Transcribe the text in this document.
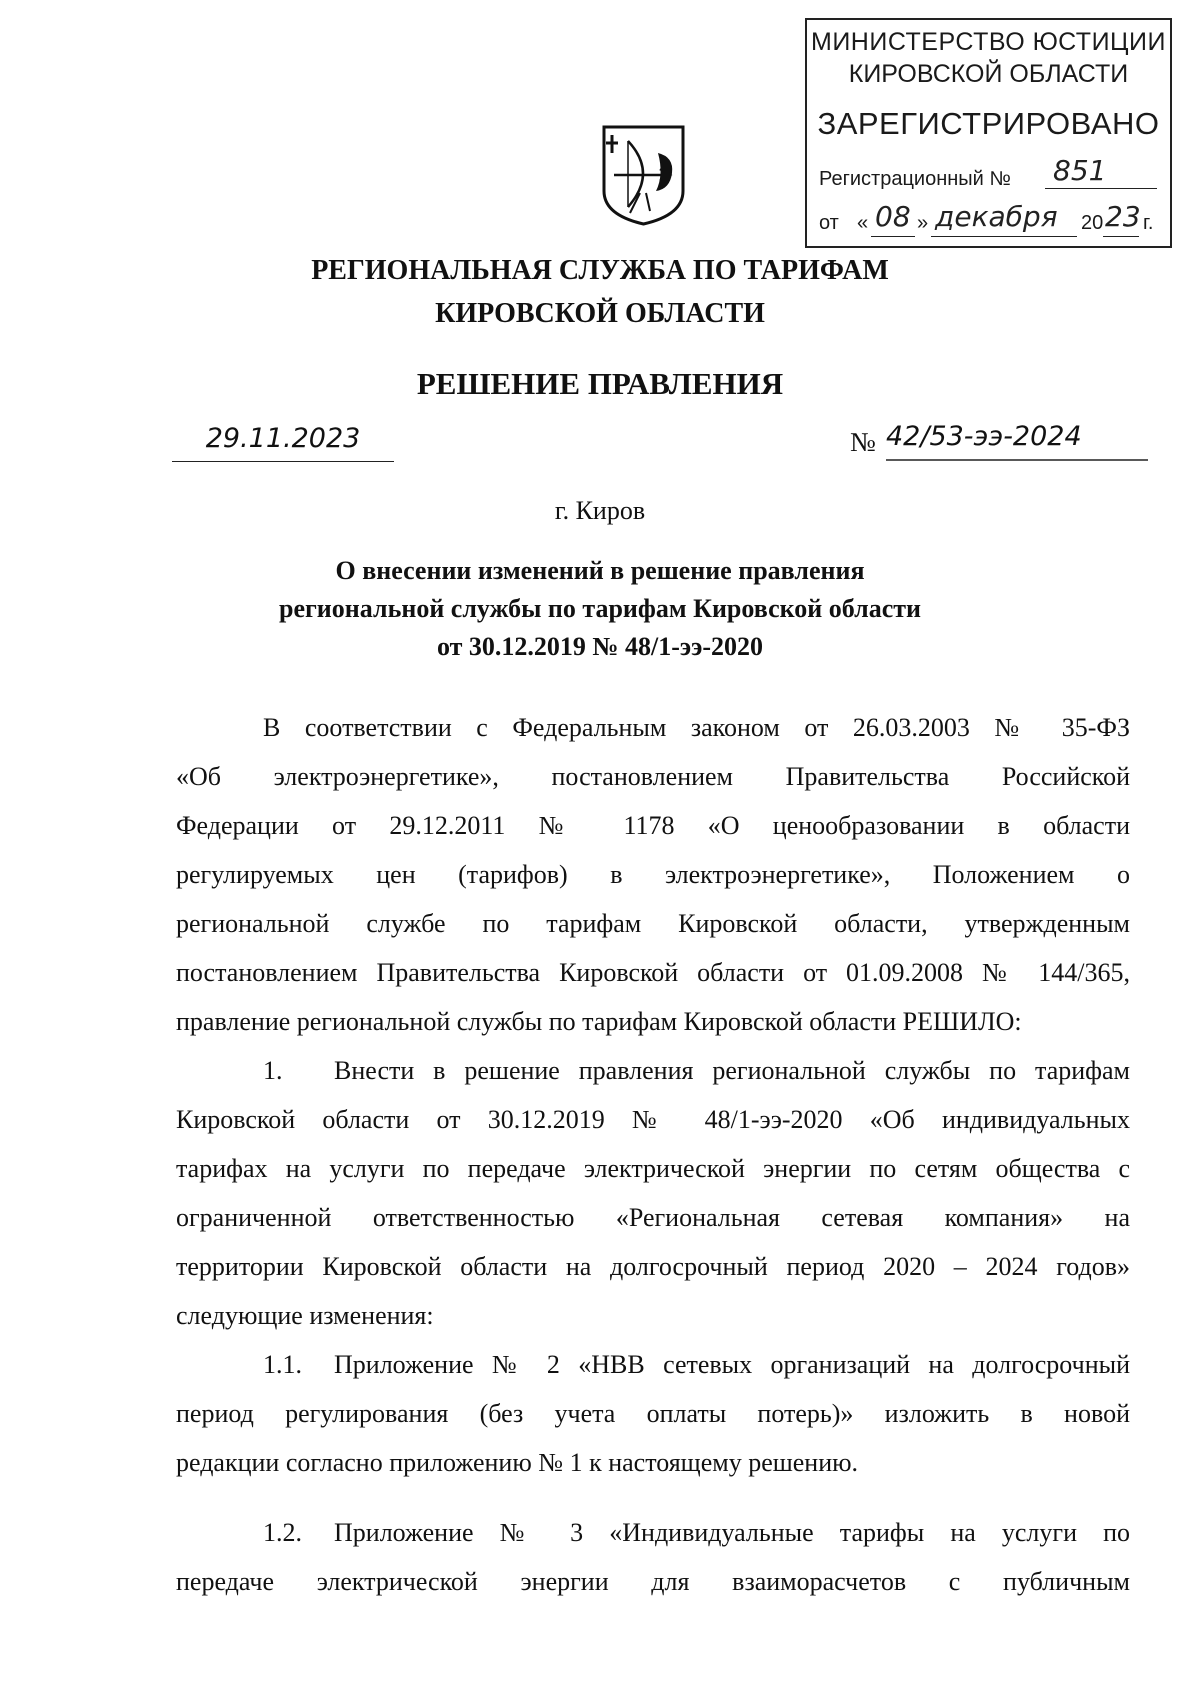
МИНИСТЕРСТВО ЮСТИЦИИ
КИРОВСКОЙ ОБЛАСТИ
ЗАРЕГИСТРИРОВАНО
Регистрационный № 851
от « 08 » декабря 20 23 г.
РЕГИОНАЛЬНАЯ СЛУЖБА ПО ТАРИФАМ
КИРОВСКОЙ ОБЛАСТИ
РЕШЕНИЕ ПРАВЛЕНИЯ
29.11.2023	№ 42/53-ээ-2024
г. Киров
О внесении изменений в решение правления
региональной службы по тарифам Кировской области
от 30.12.2019 № 48/1-ээ-2020
В соответствии с Федеральным законом от 26.03.2003 № 35-ФЗ
«Об электроэнергетике», постановлением Правительства Российской
Федерации от 29.12.2011 № 1178 «О ценообразовании в области
регулируемых цен (тарифов) в электроэнергетике», Положением о
региональной службе по тарифам Кировской области, утвержденным
постановлением Правительства Кировской области от 01.09.2008 № 144/365,
правление региональной службы по тарифам Кировской области РЕШИЛО:
1. Внести в решение правления региональной службы по тарифам
Кировской области от 30.12.2019 № 48/1-ээ-2020 «Об индивидуальных
тарифах на услуги по передаче электрической энергии по сетям общества с
ограниченной ответственностью «Региональная сетевая компания» на
территории Кировской области на долгосрочный период 2020 – 2024 годов»
следующие изменения:
1.1. Приложение № 2 «НВВ сетевых организаций на долгосрочный
период регулирования (без учета оплаты потерь)» изложить в новой
редакции согласно приложению № 1 к настоящему решению.
1.2. Приложение № 3 «Индивидуальные тарифы на услуги по
передаче электрической энергии для взаиморасчетов с публичным
